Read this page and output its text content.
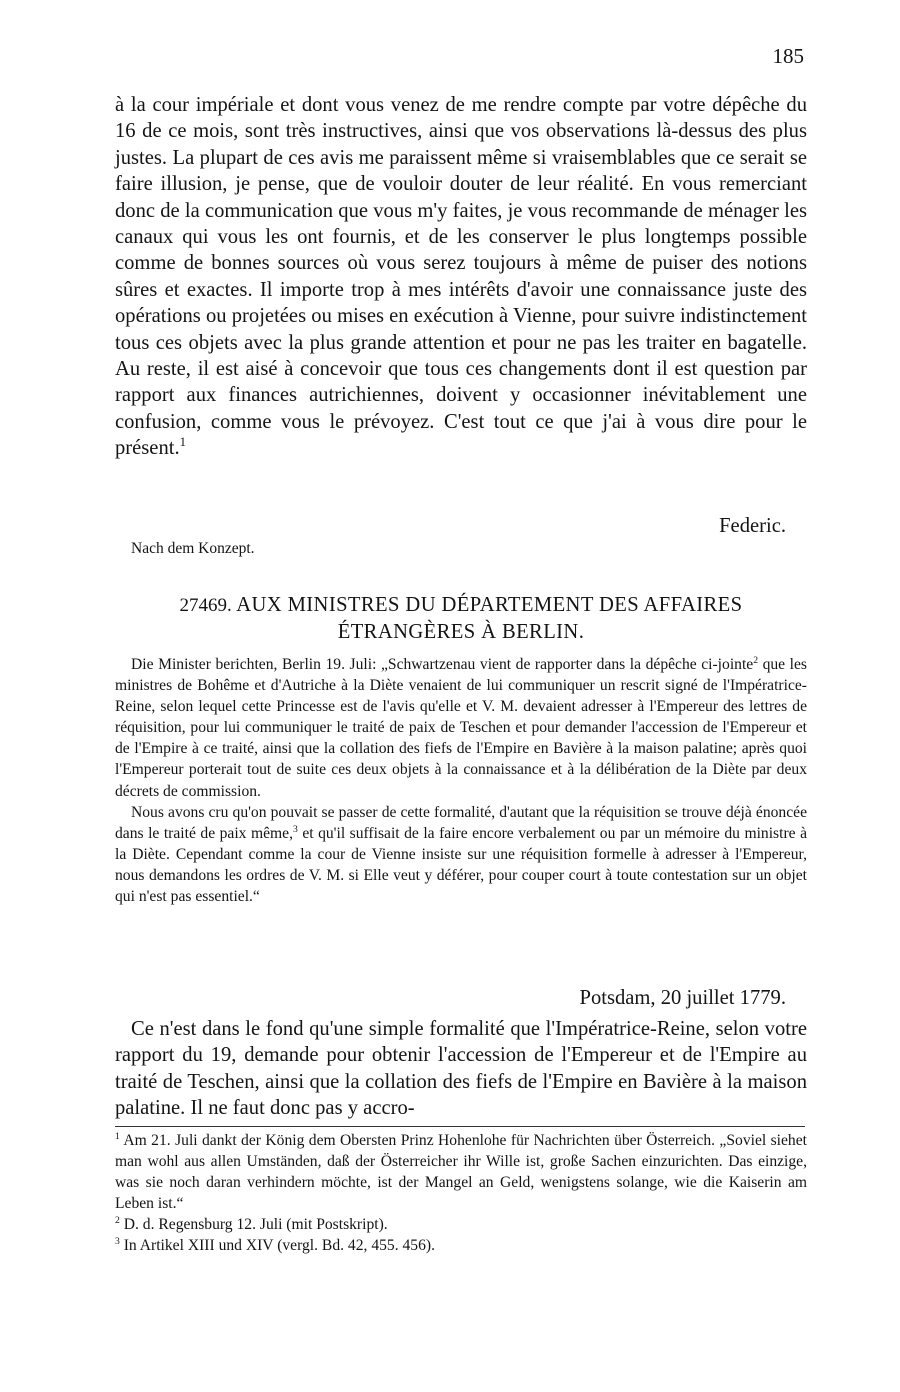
185

à la cour impériale et dont vous venez de me rendre compte par votre dépêche du 16 de ce mois, sont très instructives, ainsi que vos observations là-dessus des plus justes. La plupart de ces avis me paraissent même si vraisemblables que ce serait se faire illusion, je pense, que de vouloir douter de leur réalité. En vous remerciant donc de la communication que vous m'y faites, je vous recommande de ménager les canaux qui vous les ont fournis, et de les conserver le plus longtemps possible comme de bonnes sources où vous serez toujours à même de puiser des notions sûres et exactes. Il importe trop à mes intérêts d'avoir une connaissance juste des opérations ou projetées ou mises en exécution à Vienne, pour suivre indistinctement tous ces objets avec la plus grande attention et pour ne pas les traiter en bagatelle. Au reste, il est aisé à concevoir que tous ces changements dont il est question par rapport aux finances autrichiennes, doivent y occasionner inévitablement une confusion, comme vous le prévoyez. C'est tout ce que j'ai à vous dire pour le présent.$^1$

Federic.
Nach dem Konzept.
27469. AUX MINISTRES DU DÉPARTEMENT DES AFFAIRES ÉTRANGÈRES À BERLIN.

Die Minister berichten, Berlin 19. Juli: „Schwartzenau vient de rapporter dans la dépêche ci-jointe$^2$ que les ministres de Bohême et d'Autriche à la Diète venaient de lui communiquer un rescrit signé de l'Impératrice-Reine, selon lequel cette Princesse est de l'avis qu'elle et V. M. devaient adresser à l'Empereur des lettres de réquisition, pour lui communiquer le traité de paix de Teschen et pour demander l'accession de l'Empereur et de l'Empire à ce traité, ainsi que la collation des fiefs de l'Empire en Bavière à la maison palatine; après quoi l'Empereur porterait tout de suite ces deux objets à la connaissance et à la délibération de la Diète par deux décrets de commission.

Nous avons cru qu'on pouvait se passer de cette formalité, d'autant que la réquisition se trouve déjà énoncée dans le traité de paix même,$^3$ et qu'il suffisait de la faire encore verbalement ou par un mémoire du ministre à la Diète. Cependant comme la cour de Vienne insiste sur une réquisition formelle à adresser à l'Empereur, nous demandons les ordres de V. M. si Elle veut y déférer, pour couper court à toute contestation sur un objet qui n'est pas essentiel.“

Potsdam, 20 juillet 1779.

Ce n'est dans le fond qu'une simple formalité que l'Impératrice-Reine, selon votre rapport du 19, demande pour obtenir l'accession de l'Empereur et de l'Empire au traité de Teschen, ainsi que la collation des fiefs de l'Empire en Bavière à la maison palatine. Il ne faut donc pas y accro-

$^1$ Am 21. Juli dankt der König dem Obersten Prinz Hohenlohe für Nachrichten über Österreich. „Soviel siehet man wohl aus allen Umständen, daß der Österreicher ihr Wille ist, große Sachen einzurichten. Das einzige, was sie noch daran verhindern möchte, ist der Mangel an Geld, wenigstens solange, wie die Kaiserin am Leben ist.“

$^2$ D. d. Regensburg 12. Juli (mit Postskript).

$^3$ In Artikel XIII und XIV (vergl. Bd. 42, 455. 456).
